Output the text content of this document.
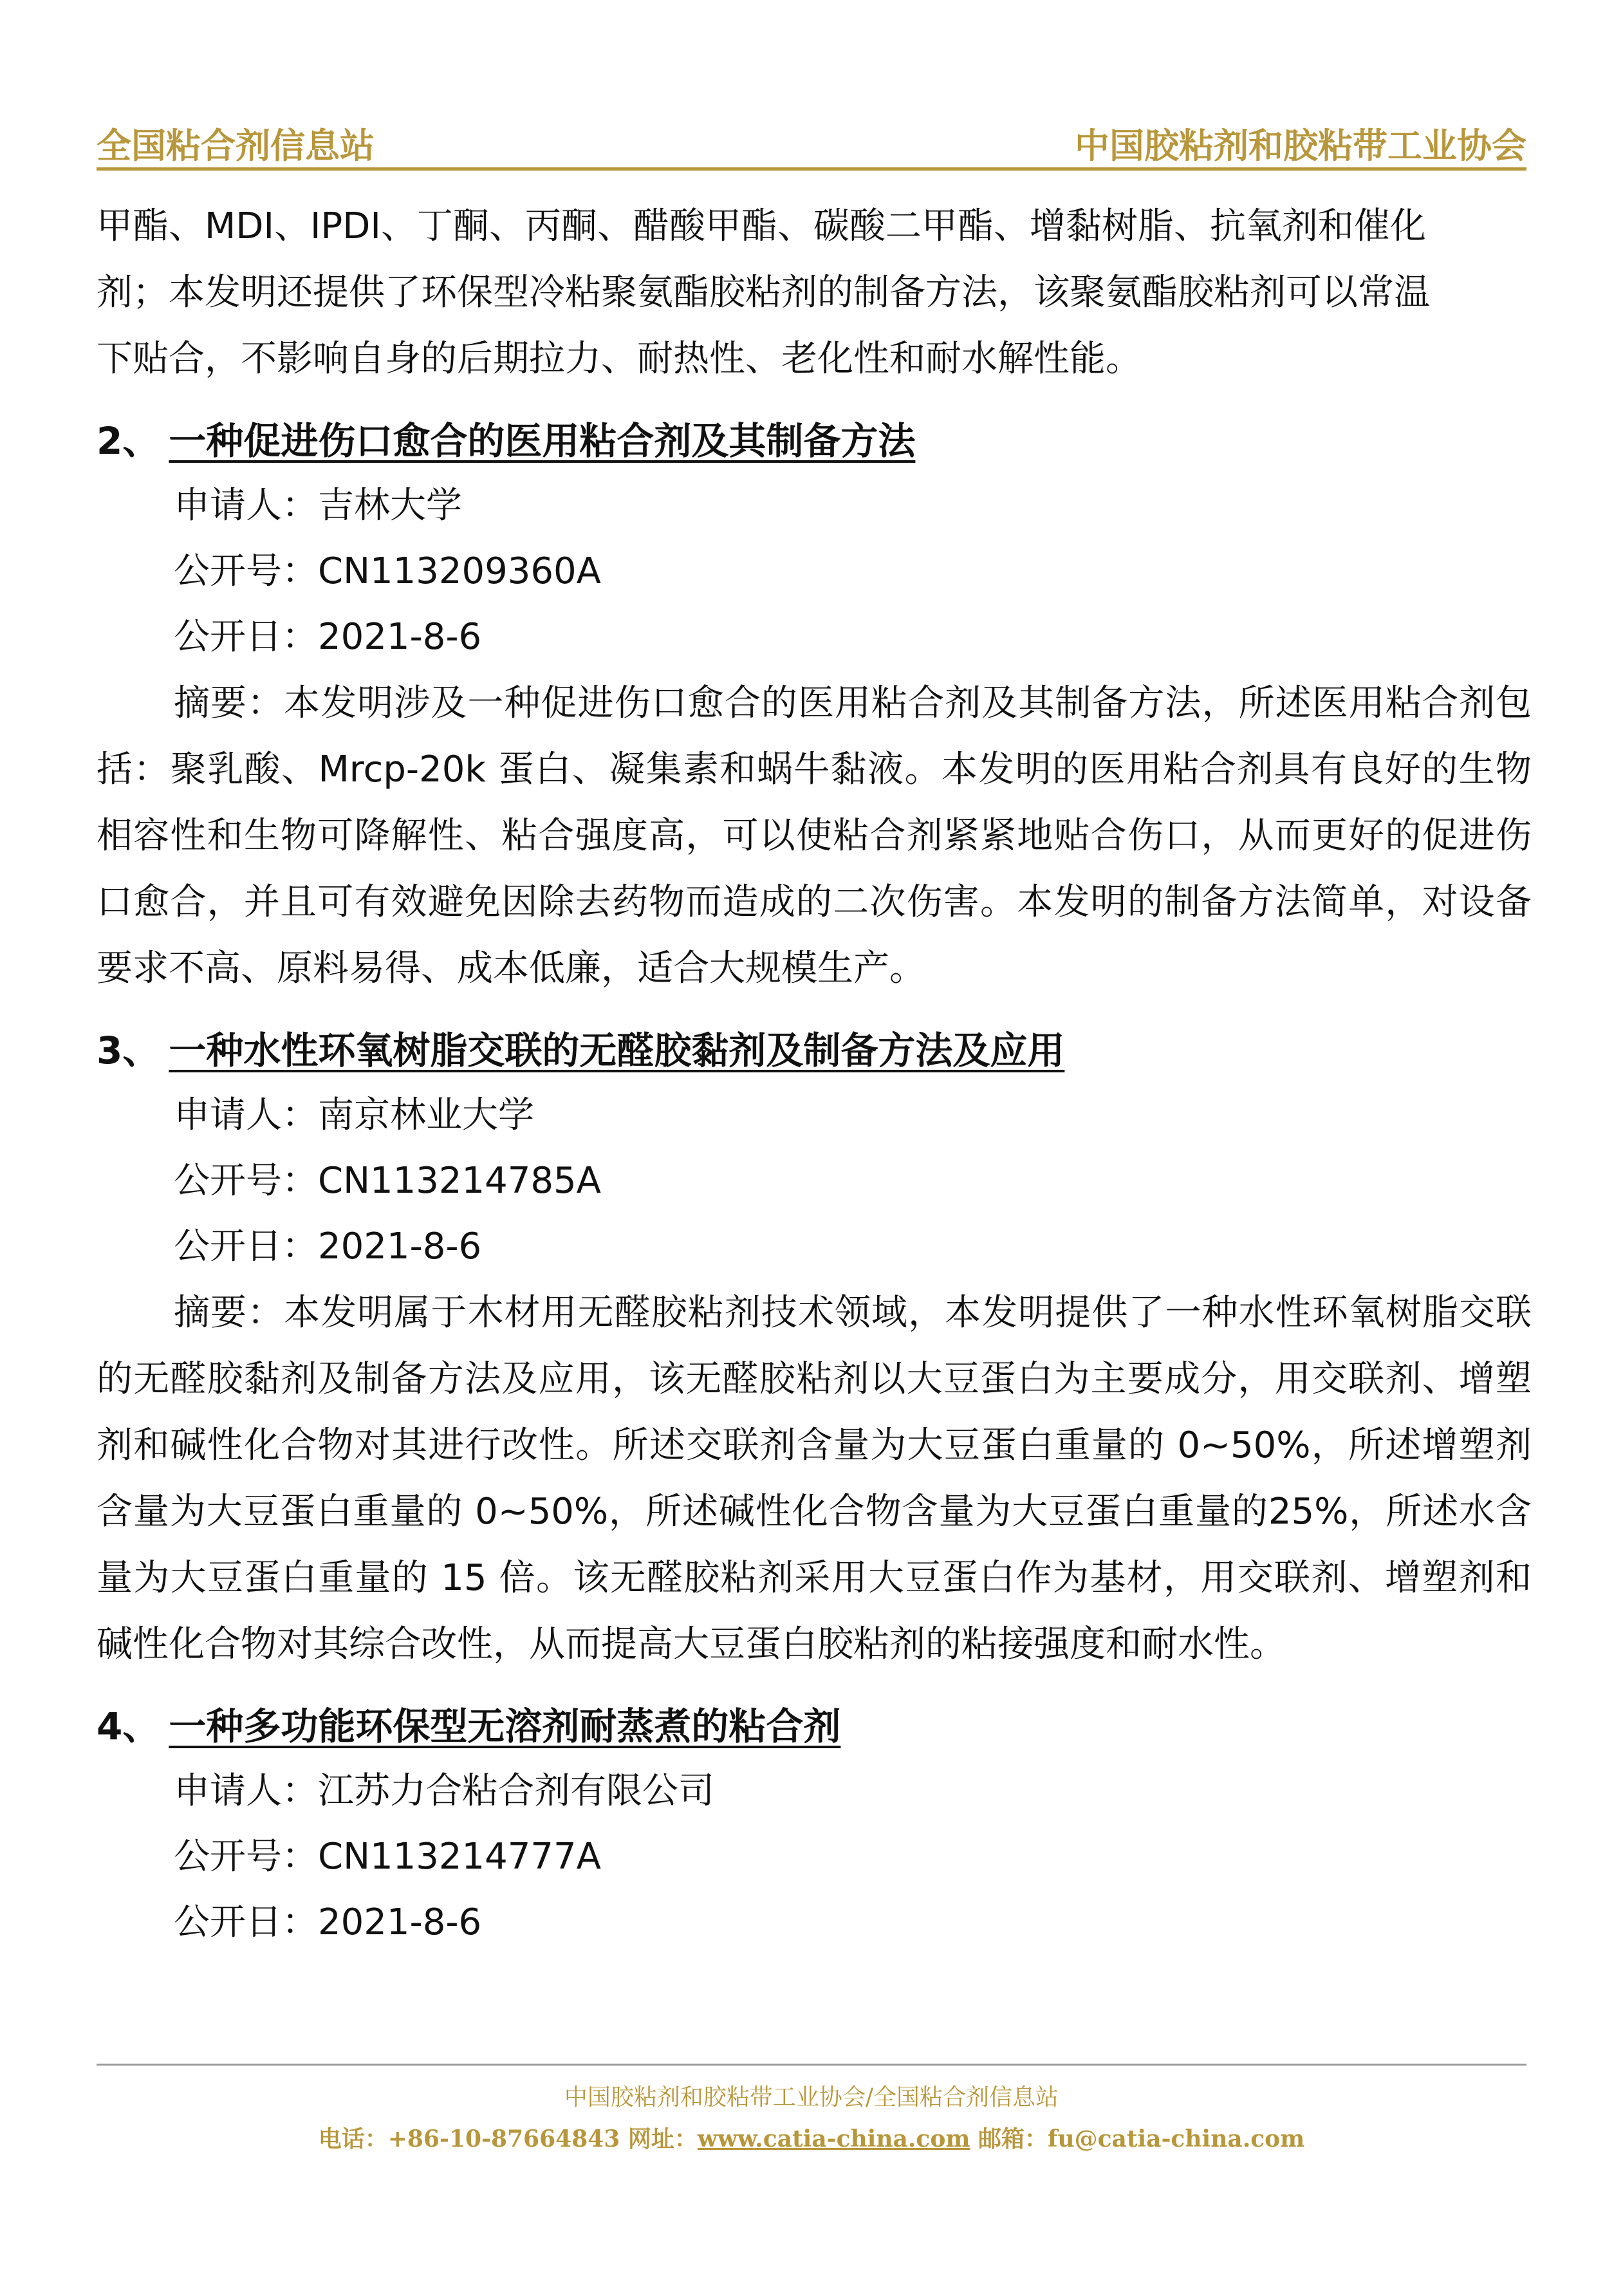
全国粘合剂信息站	中国胶粘剂和胶粘带工业协会

甲酯、MDI、IPDI、丁酮、丙酮、醋酸甲酯、碳酸二甲酯、增黏树脂、抗氧剂和催化

剂；本发明还提供了环保型冷粘聚氨酯胶粘剂的制备方法，该聚氨酯胶粘剂可以常温

下贴合，不影响自身的后期拉力、耐热性、老化性和耐水解性能。

2、 一种促进伤口愈合的医用粘合剂及其制备方法

申请人：吉林大学

公开号：CN113209360A

公开日：2021-8-6

摘要：本发明涉及一种促进伤口愈合的医用粘合剂及其制备方法，所述医用粘合剂包括：聚乳酸、Mrcp-20k 蛋白、凝集素和蜗牛黏液。本发明的医用粘合剂具有良好的生物相容性和生物可降解性、粘合强度高，可以使粘合剂紧紧地贴合伤口，从而更好的促进伤口愈合，并且可有效避免因除去药物而造成的二次伤害。本发明的制备方法简单，对设备要求不高、原料易得、成本低廉，适合大规模生产。

3、 一种水性环氧树脂交联的无醛胶黏剂及制备方法及应用

申请人：南京林业大学

公开号：CN113214785A

公开日：2021-8-6

摘要：本发明属于木材用无醛胶粘剂技术领域，本发明提供了一种水性环氧树脂交联的无醛胶黏剂及制备方法及应用，该无醛胶粘剂以大豆蛋白为主要成分，用交联剂、增塑剂和碱性化合物对其进行改性。所述交联剂含量为大豆蛋白重量的 0~50%，所述增塑剂含量为大豆蛋白重量的 0~50%，所述碱性化合物含量为大豆蛋白重量的25%，所述水含量为大豆蛋白重量的 15 倍。该无醛胶粘剂采用大豆蛋白作为基材，用交联剂、增塑剂和碱性化合物对其综合改性，从而提高大豆蛋白胶粘剂的粘接强度和耐水性。

4、 一种多功能环保型无溶剂耐蒸煮的粘合剂

申请人：江苏力合粘合剂有限公司

公开号：CN113214777A

公开日：2021-8-6

中国胶粘剂和胶粘带工业协会/全国粘合剂信息站
电话：+86-10-87664843 网址：www.catia-china.com 邮箱：fu@catia-china.com
